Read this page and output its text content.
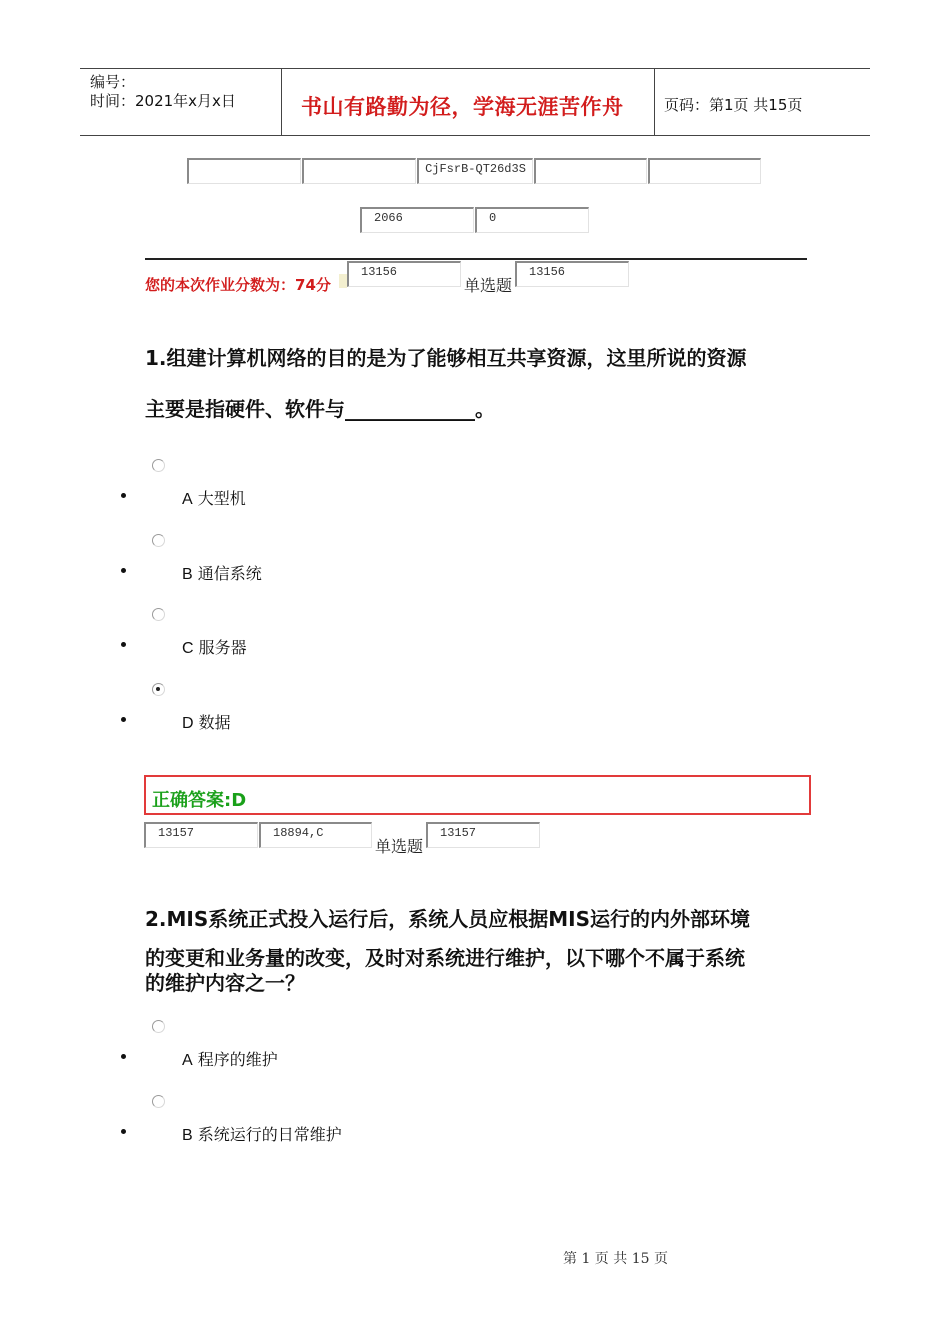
编号：
时间：2021年x月x日	书山有路勤为径，学海无涯苦作舟	页码：第1页 共15页
CjFsrB-QT26d3S
2066	0
您的本次作业分数为：74分
13156
单选题
13156
1.组建计算机网络的目的是为了能够相互共享资源，这里所说的资源
主要是指硬件、软件与_____________。
A 大型机
B 通信系统
C 服务器
D 数据
正确答案:D
13157	18894,C
单选题
13157
2.MIS系统正式投入运行后，系统人员应根据MIS运行的内外部环境
的变更和业务量的改变，及时对系统进行维护，以下哪个不属于系统
的维护内容之一？
A 程序的维护
B 系统运行的日常维护
第 1 页 共 15 页
